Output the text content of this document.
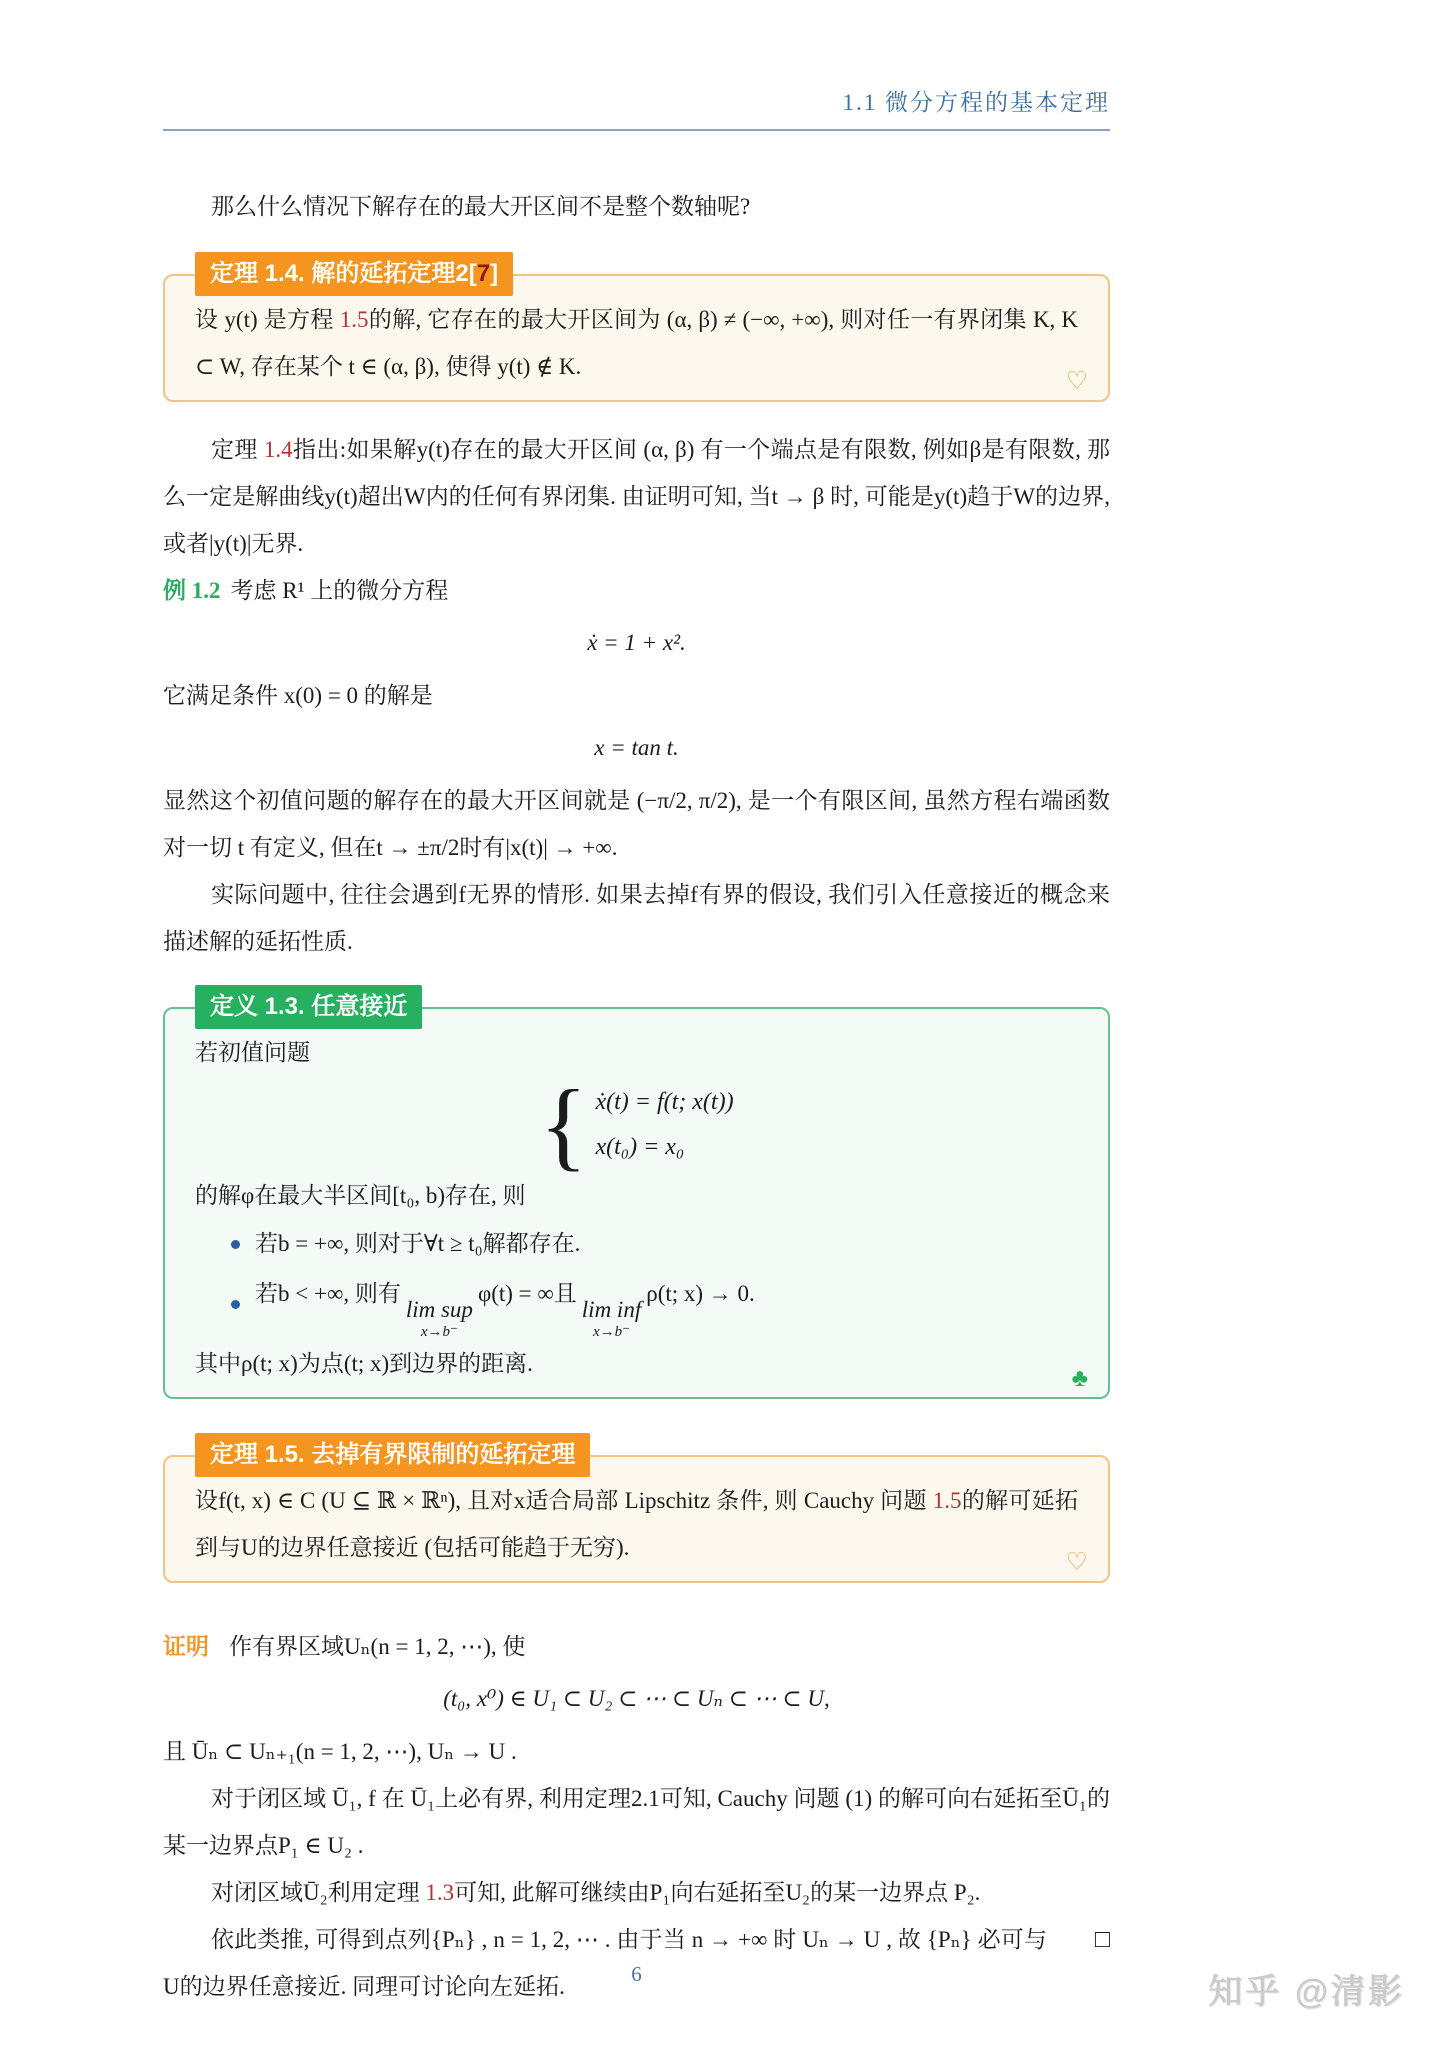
1.1 微分方程的基本定理

那么什么情况下解存在的最大开区间不是整个数轴呢?

定理 1.4. 解的延拓定理2[7]

设 y(t) 是方程 1.5的解, 它存在的最大开区间为 (α, β) ≠ (−∞, +∞), 则对任一有界闭集 K, K ⊂ W, 存在某个 t ∈ (α, β), 使得 y(t) ∉ K.

♡

定理 1.4指出:如果解y(t)存在的最大开区间 (α, β) 有一个端点是有限数, 例如β是有限数, 那么一定是解曲线y(t)超出W内的任何有界闭集. 由证明可知, 当t → β 时, 可能是y(t)趋于W的边界, 或者|y(t)|无界.

例 1.2 考虑 R¹ 上的微分方程

ẋ = 1 + x².

它满足条件 x(0) = 0 的解是

x = tan t.

显然这个初值问题的解存在的最大开区间就是 (−π/2, π/2), 是一个有限区间, 虽然方程右端函数对一切 t 有定义, 但在t → ±π/2时有|x(t)| → +∞.

实际问题中, 往往会遇到f无界的情形. 如果去掉f有界的假设, 我们引入任意接近的概念来描述解的延拓性质.

定义 1.3. 任意接近

若初值问题

{ ẋ(t) = f(t; x(t))
x(t₀) = x₀

的解φ在最大半区间[t₀, b)存在, 则

若b = +∞, 则对于∀t ≥ t₀解都存在.
若b < +∞, 则有
lim sup
x→b⁻
φ(t) = ∞且
lim inf
x→b⁻
ρ(t; x) → 0.

其中ρ(t; x)为点(t; x)到边界的距离.

♣
定理 1.5. 去掉有界限制的延拓定理

设f(t, x) ∈ C (U ⊆ ℝ × ℝⁿ), 且对x适合局部 Lipschitz 条件, 则 Cauchy 问题 1.5的解可延拓到与U的边界任意接近 (包括可能趋于无穷).

♡

证明 作有界区域Uₙ(n = 1, 2, ⋯), 使

(t₀, x⁰) ∈ U₁ ⊂ U₂ ⊂ ⋯ ⊂ Uₙ ⊂ ⋯ ⊂ U,

且 Ūₙ ⊂ Uₙ₊₁(n = 1, 2, ⋯), Uₙ → U .

对于闭区域 Ū₁, f 在 Ū₁上必有界, 利用定理2.1可知, Cauchy 问题 (1) 的解可向右延拓至Ū₁的某一边界点P₁ ∈ U₂ .

对闭区域Ū₂利用定理 1.3可知, 此解可继续由P₁向右延拓至U₂的某一边界点 P₂.

□
依此类推, 可得到点列{Pₙ} , n = 1, 2, ⋯ . 由于当 n → +∞ 时 Uₙ → U , 故 {Pₙ} 必可与U的边界任意接近. 同理可讨论向左延拓.	6	知乎 @清影
